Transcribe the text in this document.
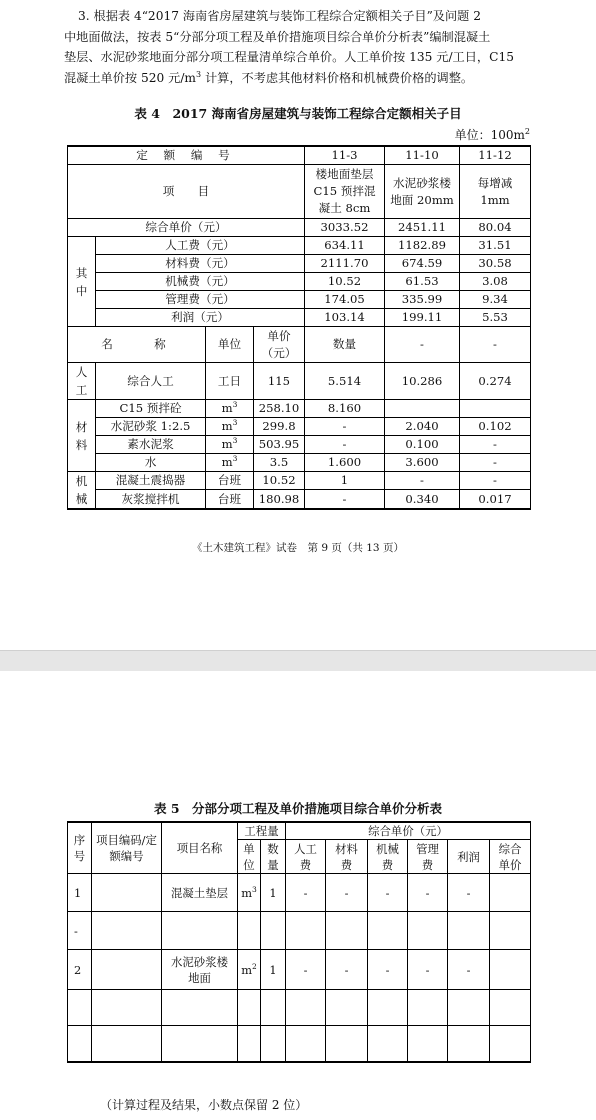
3. 根据表 4“2017 海南省房屋建筑与装饰工程综合定额相关子目”及问题 2
中地面做法，按表 5“分部分项工程及单价措施项目综合单价分析表”编制混凝土
垫层、水泥砂浆地面分部分项工程量清单综合单价。人工单价按 135 元/工日，C15
混凝土单价按 520 元$/m^3$ 计算，不考虑其他材料价格和机械费价格的调整。
表 4　2017 海南省房屋建筑与装饰工程综合定额相关子目
单位：$100m^2$
定 额 编 号				11-3	11-10	11-12
项　　目				楼地面垫层 C15 预拌混凝土 8cm	水泥砂浆楼地面 20mm	每增减 1mm
综合单价（元）				3033.52	2451.11	80.04
其中	人工费（元）			634.11	1182.89	31.51
	材料费（元）			2111.70	674.59	30.58
	机械费（元）			10.52	61.53	3.08
	管理费（元）			174.05	335.99	9.34
	利润（元）			103.14	199.11	5.53
名　　称		单位	单价（元）	数量	-	-
人工	综合人工	工日	115	5.514	10.286	0.274
材料	C15 预拌砼	$m^3$	258.10	8.160		
	水泥砂浆 1:2.5	$m^3$	299.8	-	2.040	0.102
	素水泥浆	$m^3$	503.95	-	0.100	-
	水	$m^3$	3.5	1.600	3.600	-
机械	混凝土震捣器	台班	10.52	1	-	-
	灰浆搅拌机	台班	180.98	-	0.340	0.017
《土木建筑工程》试卷　第 9 页（共 13 页）
表 5　分部分项工程及单价措施项目综合单价分析表
序号	项目编码/定额编号	项目名称	工程量		综合单价（元）					
			单位	数量	人工费	材料费	机械费	管理费	利润	综合单价
1		混凝土垫层	$m^3$	1	-	-	-	-	-	
-										
2		水泥砂浆楼地面	$m^2$	1	-	-	-	-	-	

（计算过程及结果，小数点保留 2 位）
